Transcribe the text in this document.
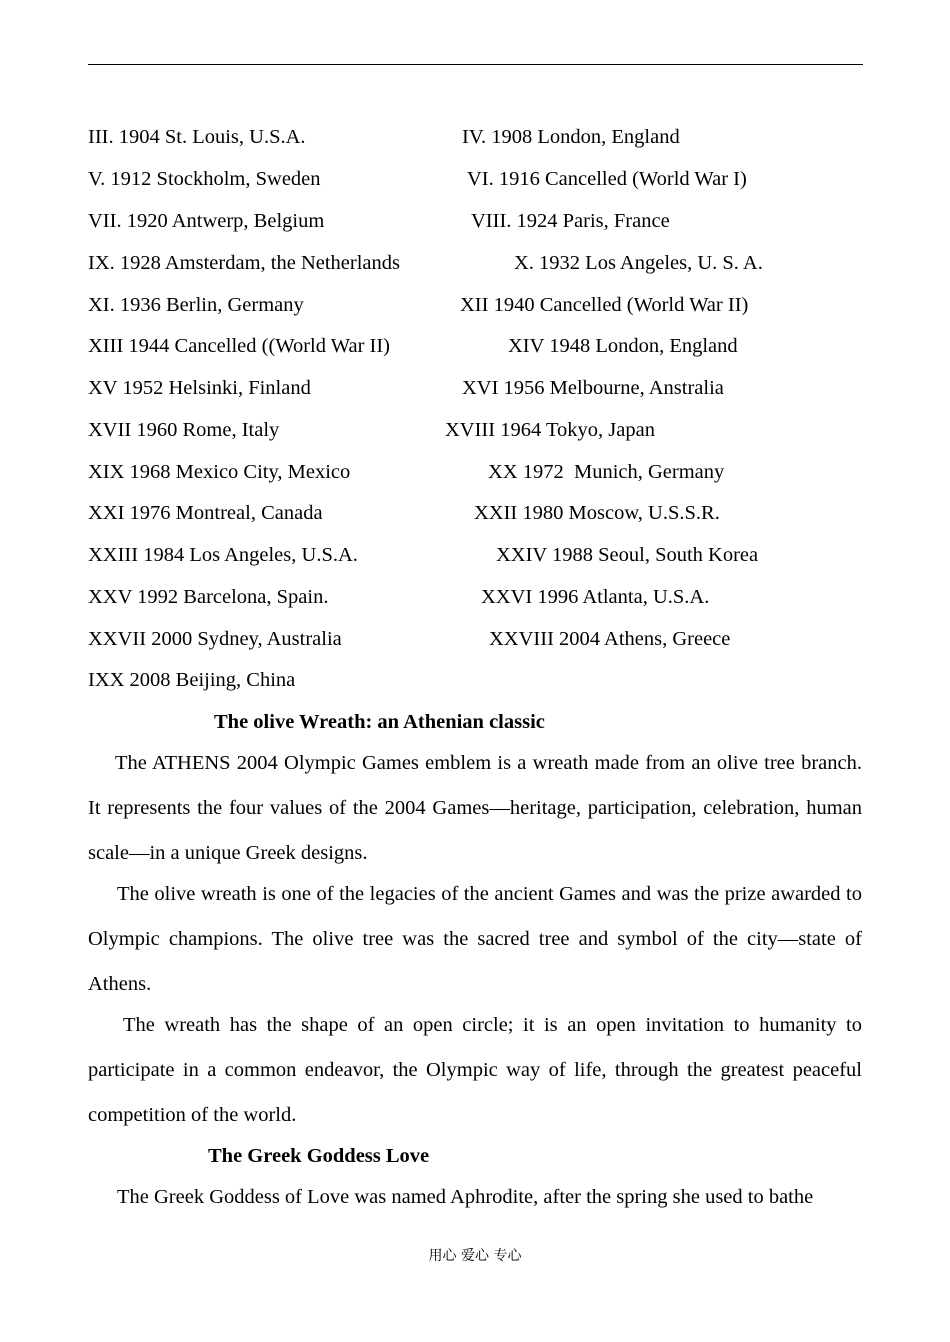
III. 1904 St. Louis, U.S.A.	IV. 1908 London, England
V. 1912 Stockholm, Sweden	VI. 1916 Cancelled (World War I)
VII. 1920 Antwerp, Belgium	VIII. 1924 Paris, France
IX. 1928 Amsterdam, the Netherlands	X. 1932 Los Angeles, U. S. A.
XI. 1936 Berlin, Germany	XII 1940 Cancelled (World War II)
XIII 1944 Cancelled ((World War II)	XIV 1948 London, England
XV 1952 Helsinki, Finland	XVI 1956 Melbourne, Anstralia
XVII 1960 Rome, Italy	XVIII 1964 Tokyo, Japan
XIX 1968 Mexico City, Mexico	XX 1972  Munich, Germany
XXI 1976 Montreal, Canada	XXII 1980 Moscow, U.S.S.R.
XXIII 1984 Los Angeles, U.S.A.	XXIV 1988 Seoul, South Korea
XXV 1992 Barcelona, Spain.	XXVI 1996 Atlanta, U.S.A.
XXVII 2000 Sydney, Australia	XXVIII 2004 Athens, Greece
IXX 2008 Beijing, China
The olive Wreath: an Athenian classic
The ATHENS 2004 Olympic Games emblem is a wreath made from an olive tree branch. It represents the four values of the 2004 Games—heritage, participation, celebration, human scale—in a unique Greek designs.
The olive wreath is one of the legacies of the ancient Games and was the prize awarded to Olympic champions. The olive tree was the sacred tree and symbol of the city—state of Athens.
The wreath has the shape of an open circle; it is an open invitation to humanity to participate in a common endeavor, the Olympic way of life, through the greatest peaceful competition of the world.
The Greek Goddess Love
The Greek Goddess of Love was named Aphrodite, after the spring she used to bathe
用心 爱心 专心
